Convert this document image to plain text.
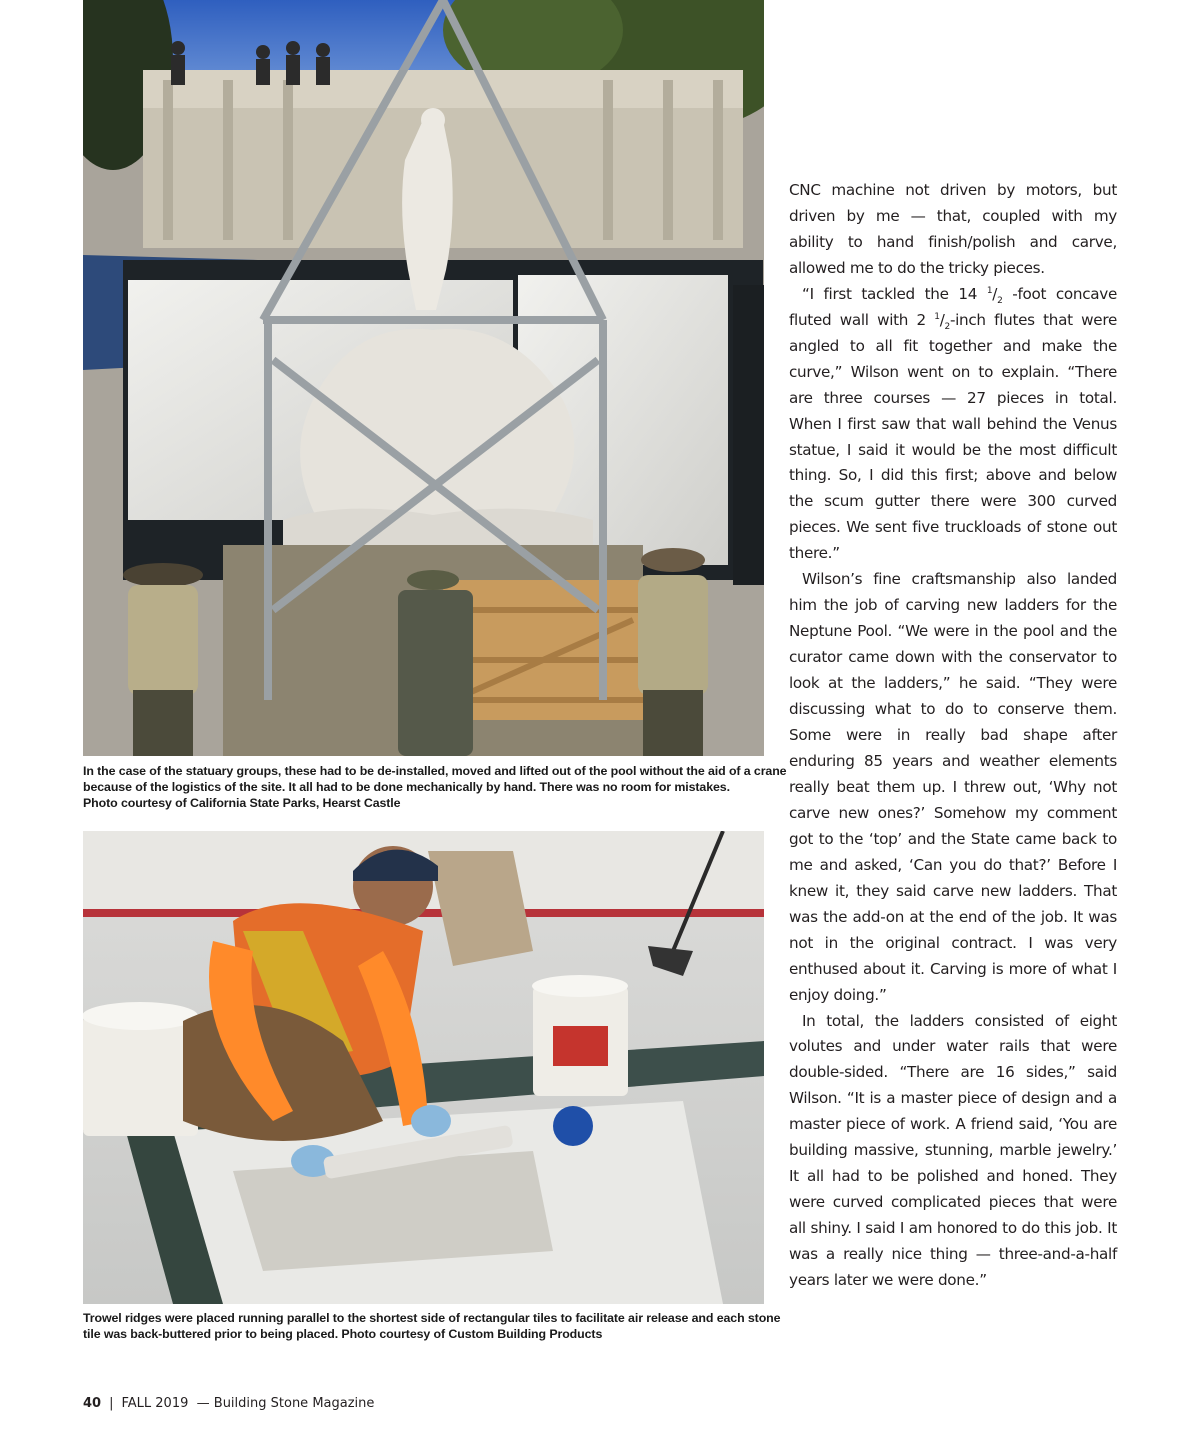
In the case of the statuary groups, these had to be de-installed, moved and lifted out of the pool without the aid of a crane
because of the logistics of the site. It all had to be done mechanically by hand. There was no room for mistakes.
Photo courtesy of California State Parks, Hearst Castle
Trowel ridges were placed running parallel to the shortest side of rectangular tiles to facilitate air release and each stone
tile was back-buttered prior to being placed. Photo courtesy of Custom Building Products

CNC machine not driven by motors, but driven by me — that, coupled with my ability to hand finish/polish and carve, allowed me to do the tricky pieces.

“I first tackled the 14 $^1/_2$ -foot concave fluted wall with 2 $^1/_2$-inch flutes that were angled to all fit together and make the curve,” Wilson went on to explain. “There are three courses — 27 pieces in total. When I first saw that wall behind the Venus statue, I said it would be the most difficult thing. So, I did this first; above and below the scum gutter there were 300 curved pieces. We sent five truckloads of stone out there.”

Wilson’s fine craftsmanship also landed him the job of carving new ladders for the Neptune Pool. “We were in the pool and the curator came down with the conservator to look at the ladders,” he said. “They were discussing what to do to conserve them. Some were in really bad shape after enduring 85 years and weather elements really beat them up. I threw out, ‘Why not carve new ones?’ Somehow my comment got to the ‘top’ and the State came back to me and asked, ‘Can you do that?’ Before I knew it, they said carve new ladders. That was the add-on at the end of the job. It was not in the original contract. I was very enthused about it. Carving is more of what I enjoy doing.”

In total, the ladders consisted of eight volutes and under water rails that were double-sided. “There are 16 sides,” said Wilson. “It is a master piece of design and a master piece of work. A friend said, ‘You are building massive, stunning, marble jewelry.’ It all had to be polished and honed. They were curved complicated pieces that were all shiny. I said I am honored to do this job. It was a really nice thing — three-and-a-half years later we were done.”

40 | FALL 2019 — Building Stone Magazine
